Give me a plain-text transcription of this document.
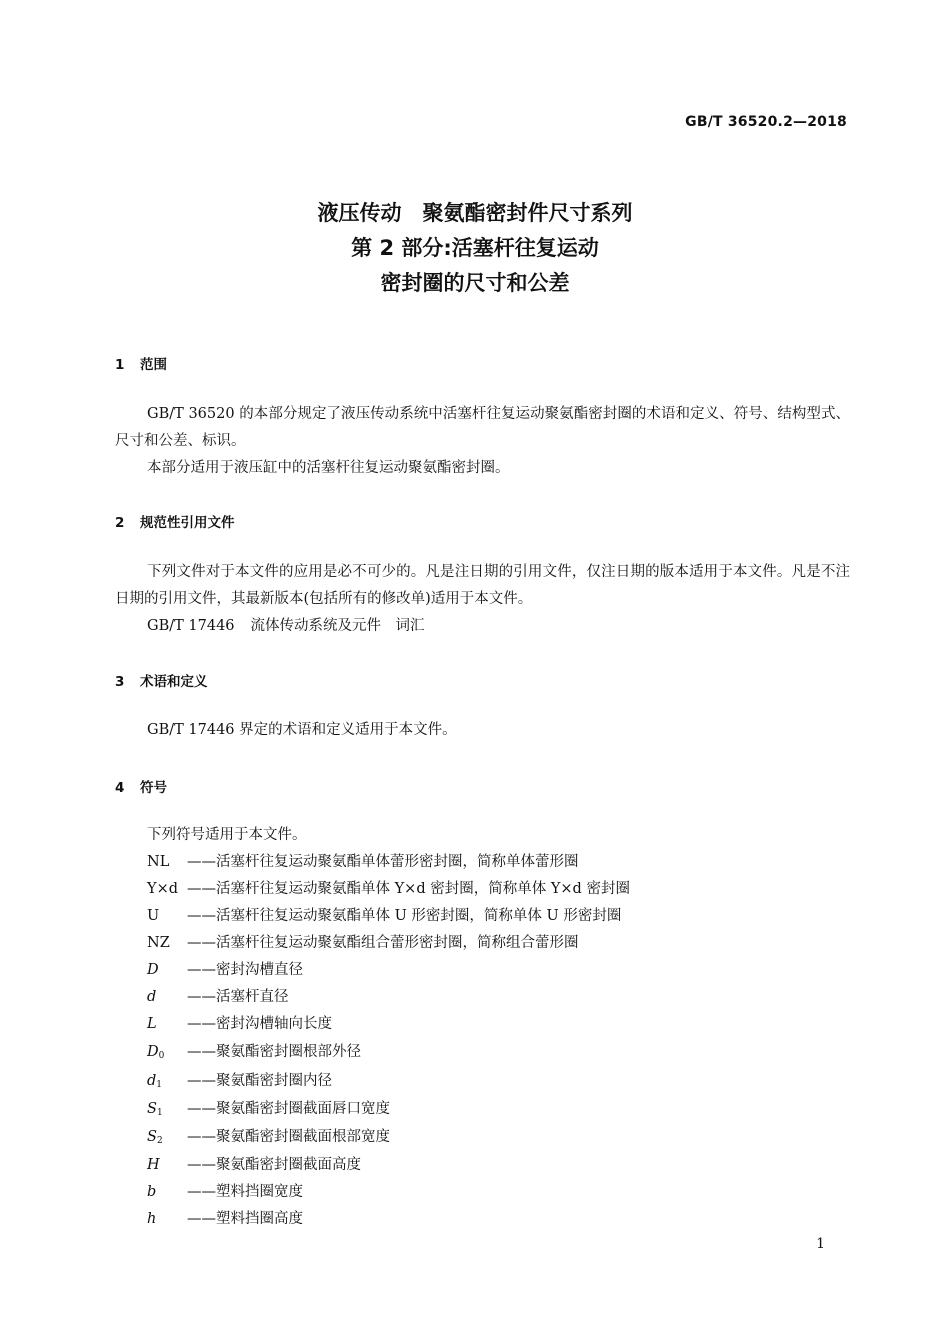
GB/T 36520.2—2018
液压传动　聚氨酯密封件尺寸系列
第 2 部分:活塞杆往复运动
密封圈的尺寸和公差
1 范围
GB/T 36520 的本部分规定了液压传动系统中活塞杆往复运动聚氨酯密封圈的术语和定义、符号、结构型式、尺寸和公差、标识。
本部分适用于液压缸中的活塞杆往复运动聚氨酯密封圈。
2 规范性引用文件
下列文件对于本文件的应用是必不可少的。凡是注日期的引用文件，仅注日期的版本适用于本文件。凡是不注日期的引用文件，其最新版本(包括所有的修改单)适用于本文件。
GB/T 17446 流体传动系统及元件　词汇
3 术语和定义
GB/T 17446 界定的术语和定义适用于本文件。
4 符号
下列符号适用于本文件。
NL ——活塞杆往复运动聚氨酯单体蕾形密封圈，简称单体蕾形圈
Y×d ——活塞杆往复运动聚氨酯单体 Y×d 密封圈，简称单体 Y×d 密封圈
U ——活塞杆往复运动聚氨酯单体 U 形密封圈，简称单体 U 形密封圈
NZ ——活塞杆往复运动聚氨酯组合蕾形密封圈，简称组合蕾形圈
D ——密封沟槽直径
d ——活塞杆直径
L ——密封沟槽轴向长度
$D_0$ ——聚氨酯密封圈根部外径
$d_1$ ——聚氨酯密封圈内径
$S_1$ ——聚氨酯密封圈截面唇口宽度
$S_2$ ——聚氨酯密封圈截面根部宽度
H ——聚氨酯密封圈截面高度
b ——塑料挡圈宽度
h ——塑料挡圈高度
1
